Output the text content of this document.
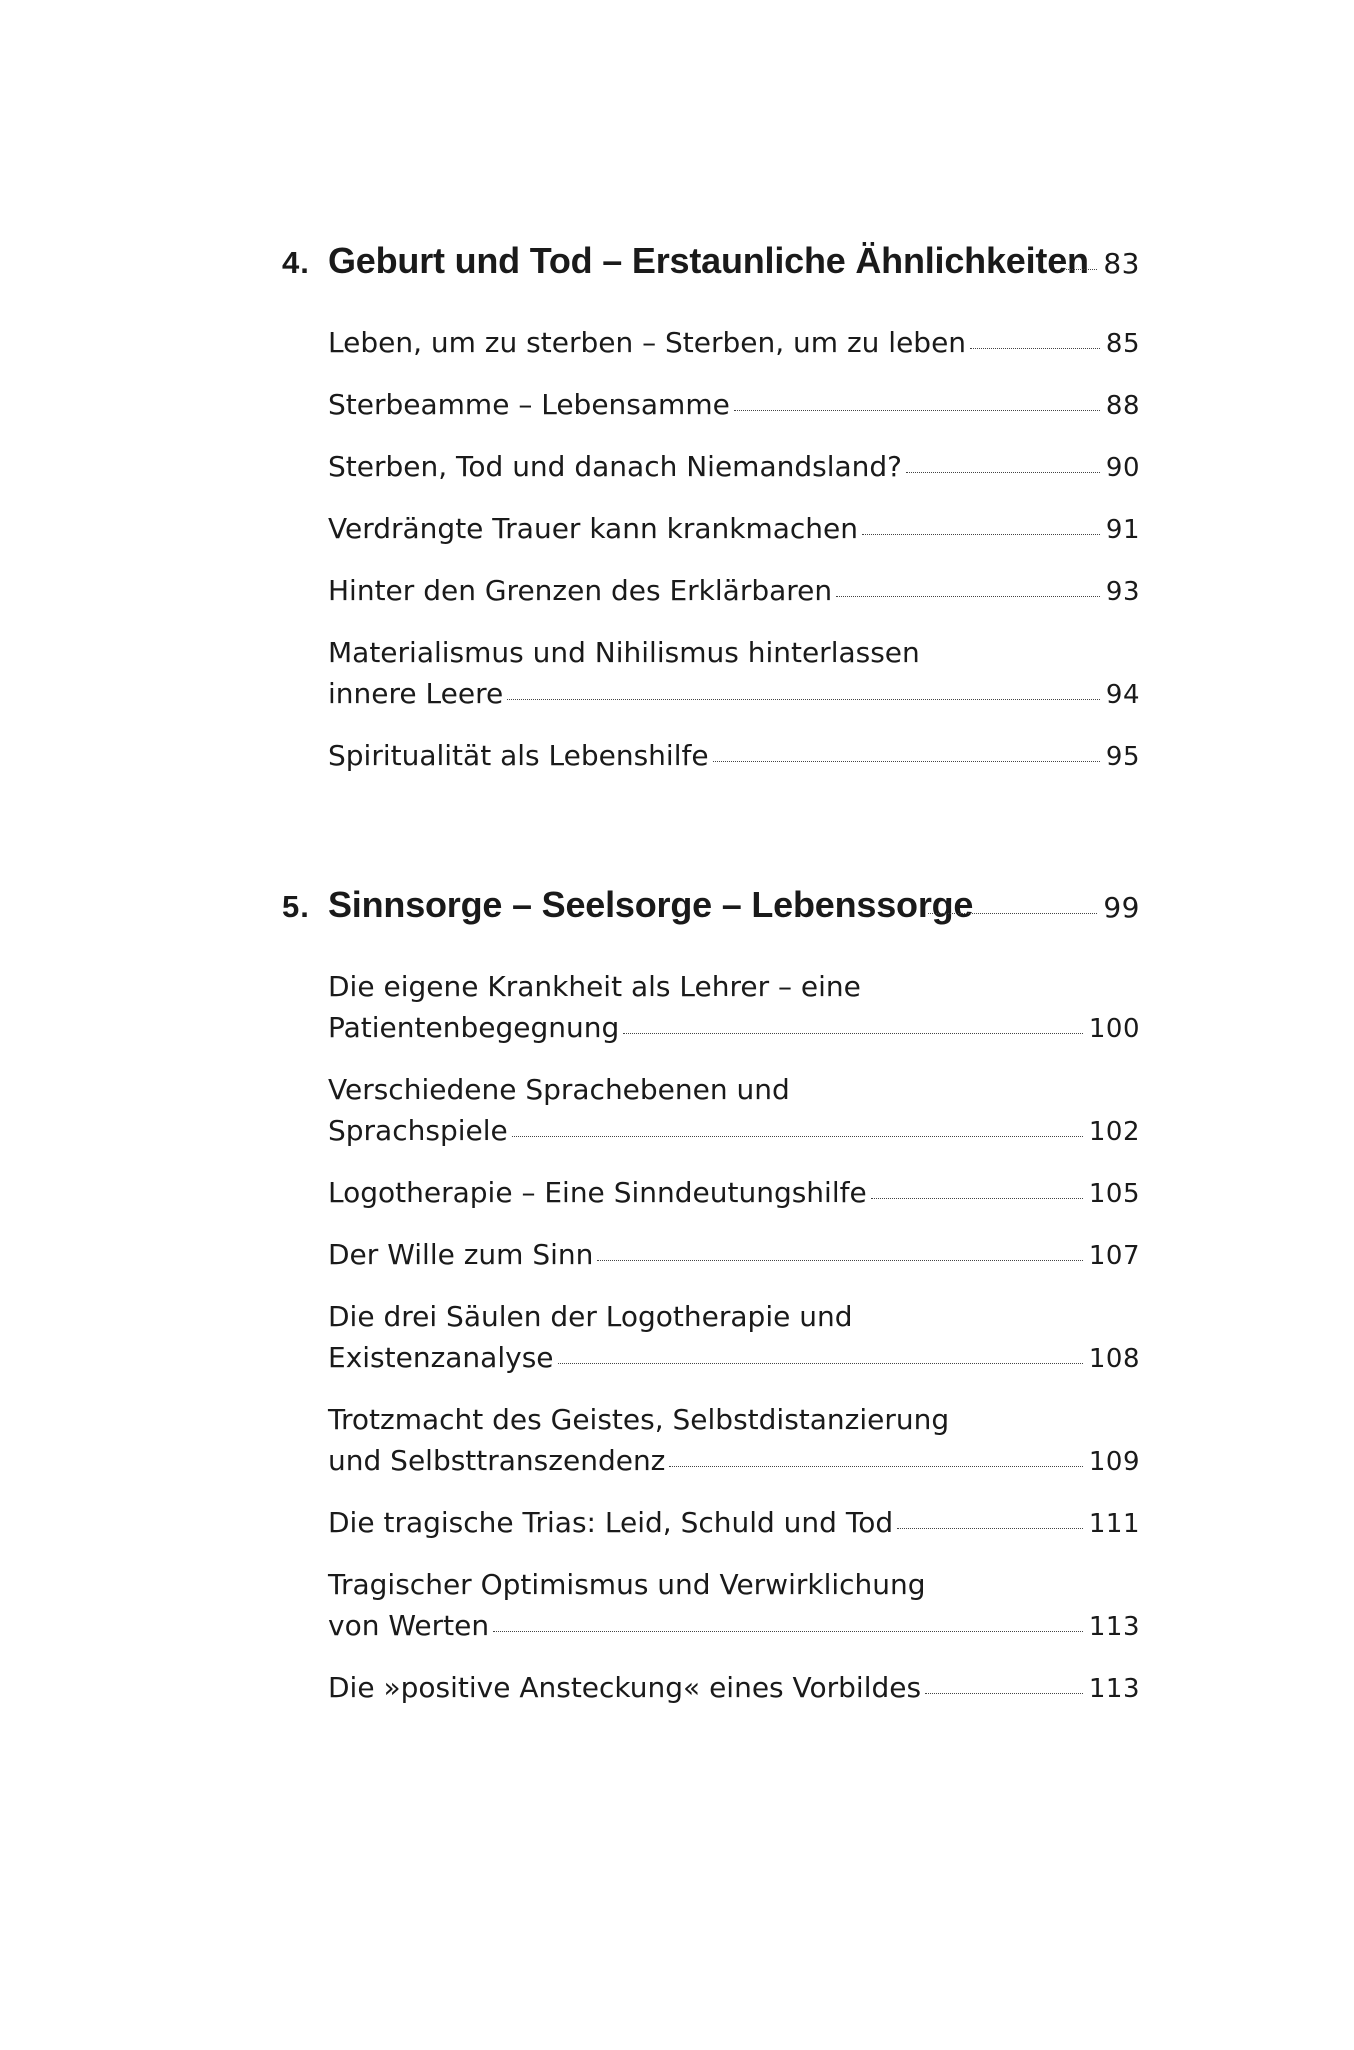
4. Geburt und Tod – Erstaunliche Ähnlichkeiten 83
Leben, um zu sterben – Sterben, um zu leben	85
Sterbeamme – Lebensamme	88
Sterben, Tod und danach Niemandsland?	90
Verdrängte Trauer kann krankmachen	91
Hinter den Grenzen des Erklärbaren	93
Materialismus und Nihilismus hinterlassen
innere Leere	94
Spiritualität als Lebenshilfe	95
5. Sinnsorge – Seelsorge – Lebenssorge	99
Die eigene Krankheit als Lehrer – eine
Patientenbegegnung	100
Verschiedene Sprachebenen und
Sprachspiele	102
Logotherapie – Eine Sinndeutungshilfe	105
Der Wille zum Sinn	107
Die drei Säulen der Logotherapie und
Existenzanalyse	108
Trotzmacht des Geistes, Selbstdistanzierung
und Selbsttranszendenz	109
Die tragische Trias: Leid, Schuld und Tod	111
Tragischer Optimismus und Verwirklichung
von Werten	113
Die »positive Ansteckung« eines Vorbildes	113
